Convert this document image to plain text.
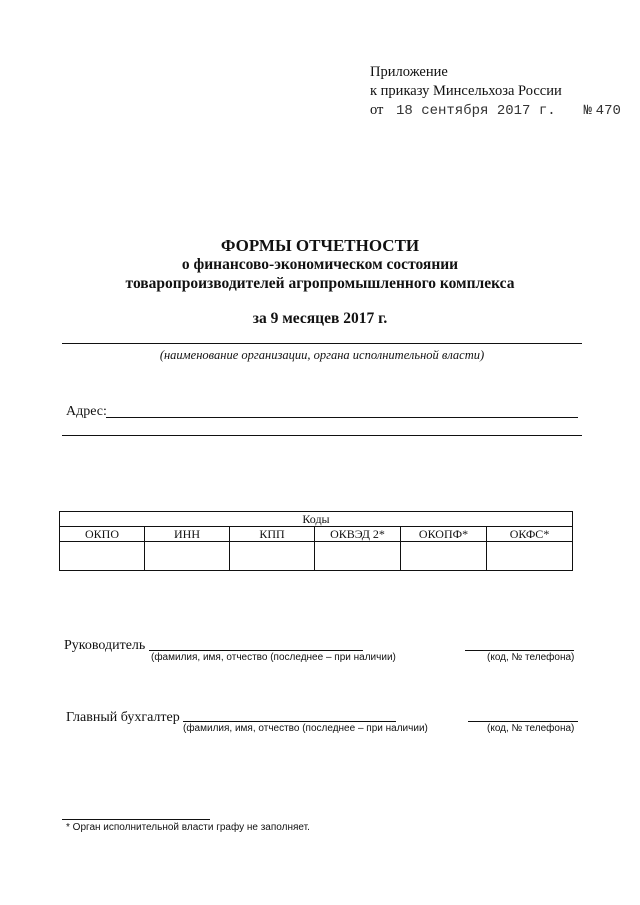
Приложение
к приказу Минсельхоза России
от 18 сентября 2017 г. № 470
ФОРМЫ ОТЧЕТНОСТИ
о финансово-экономическом состоянии
товаропроизводителей агропромышленного комплекса
за 9 месяцев 2017 г.
(наименование организации, органа исполнительной власти)
Адрес:
Коды					
ОКПО	ИНН	КПП	ОКВЭД 2*	ОКОПФ*	ОКФС*

Руководитель
(фамилия, имя, отчество (последнее – при наличии)	(код, № телефона)
Главный бухгалтер
(фамилия, имя, отчество (последнее – при наличии)	(код, № телефона)
* Орган исполнительной власти графу не заполняет.
